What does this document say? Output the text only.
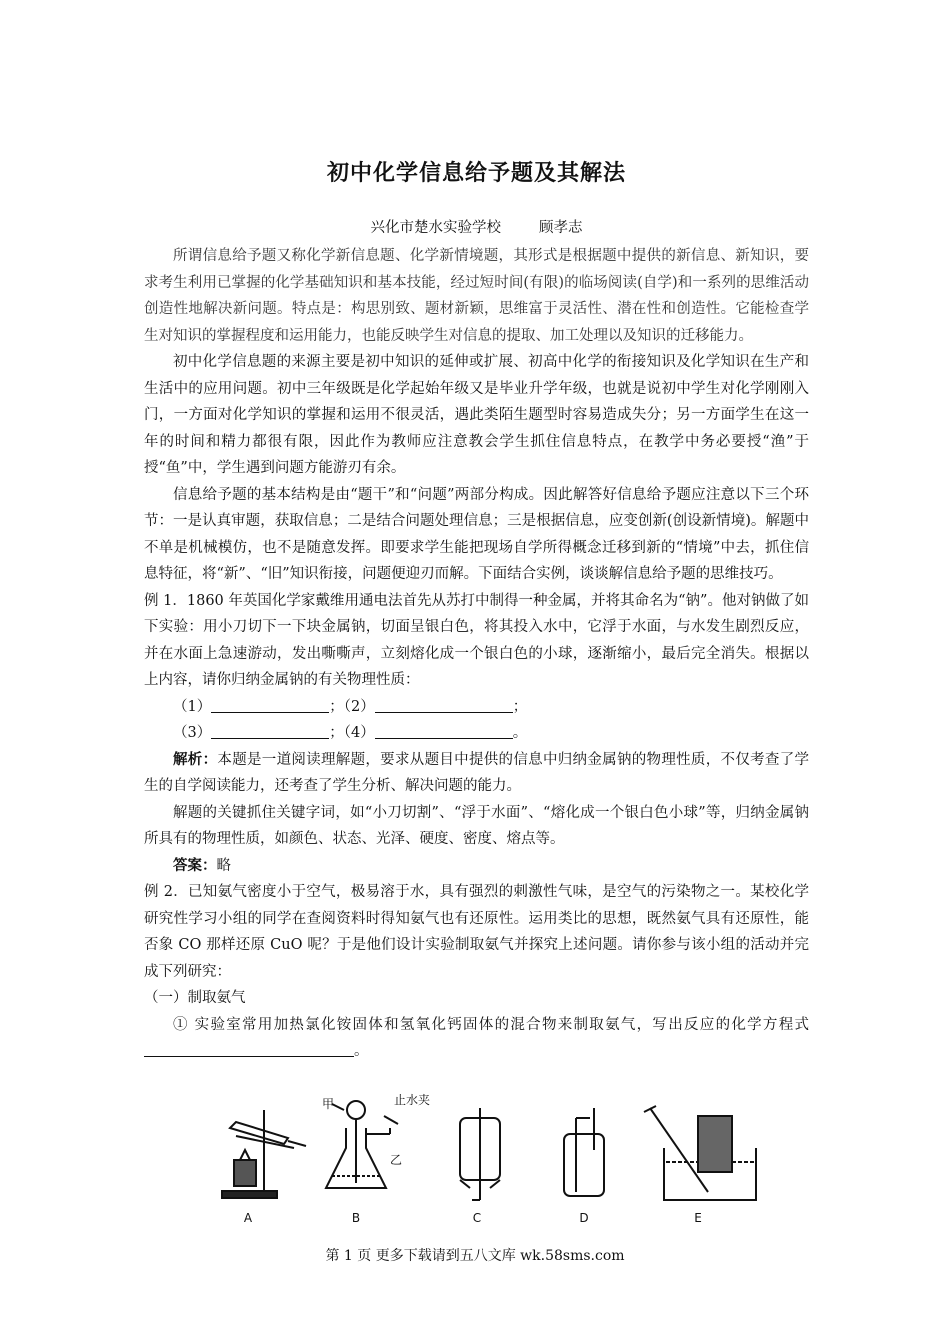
初中化学信息给予题及其解法
兴化市楚水实验学校	顾孝志

所谓信息给予题又称化学新信息题、化学新情境题，其形式是根据题中提供的新信息、新知识，要求考生利用已掌握的化学基础知识和基本技能，经过短时间(有限)的临场阅读(自学)和一系列的思维活动创造性地解决新问题。特点是：构思别致、题材新颖，思维富于灵活性、潜在性和创造性。它能检查学生对知识的掌握程度和运用能力，也能反映学生对信息的提取、加工处理以及知识的迁移能力。

初中化学信息题的来源主要是初中知识的延伸或扩展、初高中化学的衔接知识及化学知识在生产和生活中的应用问题。初中三年级既是化学起始年级又是毕业升学年级，也就是说初中学生对化学刚刚入门，一方面对化学知识的掌握和运用不很灵活，遇此类陌生题型时容易造成失分；另一方面学生在这一年的时间和精力都很有限，因此作为教师应注意教会学生抓住信息特点，在教学中务必要授“渔”于授“鱼”中，学生遇到问题方能游刃有余。

信息给予题的基本结构是由“题干”和“问题”两部分构成。因此解答好信息给予题应注意以下三个环节：一是认真审题，获取信息；二是结合问题处理信息；三是根据信息，应变创新(创设新情境)。解题中不单是机械模仿，也不是随意发挥。即要求学生能把现场自学所得概念迁移到新的“情境”中去，抓住信息特征，将“新”、“旧”知识衔接，问题便迎刃而解。下面结合实例，谈谈解信息给予题的思维技巧。

例 1．1860 年英国化学家戴维用通电法首先从苏打中制得一种金属，并将其命名为“钠”。他对钠做了如下实验：用小刀切下一下块金属钠，切面呈银白色，将其投入水中，它浮于水面，与水发生剧烈反应，并在水面上急速游动，发出嘶嘶声，立刻熔化成一个银白色的小球，逐渐缩小，最后完全消失。根据以上内容，请你归纳金属钠的有关物理性质：

（1）	；（2）	；
（3）	；（4）	。

解析：本题是一道阅读理解题，要求从题目中提供的信息中归纳金属钠的物理性质，不仅考查了学生的自学阅读能力，还考查了学生分析、解决问题的能力。

解题的关键抓住关键字词，如“小刀切割”、“浮于水面”、“熔化成一个银白色小球”等，归纳金属钠所具有的物理性质，如颜色、状态、光泽、硬度、密度、熔点等。

答案：略

例 2．已知氨气密度小于空气，极易溶于水，具有强烈的刺激性气味，是空气的污染物之一。某校化学研究性学习小组的同学在查阅资料时得知氨气也有还原性。运用类比的思想，既然氨气具有还原性，能否象 CO 那样还原 CuO 呢？于是他们设计实验制取氨气并探究上述问题。请你参与该小组的活动并完成下列研究：

（一）制取氨气

① 实验室常用加热氯化铵固体和氢氧化钙固体的混合物来制取氨气，写出反应的化学方程式。

A	B	C	D	E
甲	止水夹
乙
第 1 页 更多下载请到五八文库 wk.58sms.com
